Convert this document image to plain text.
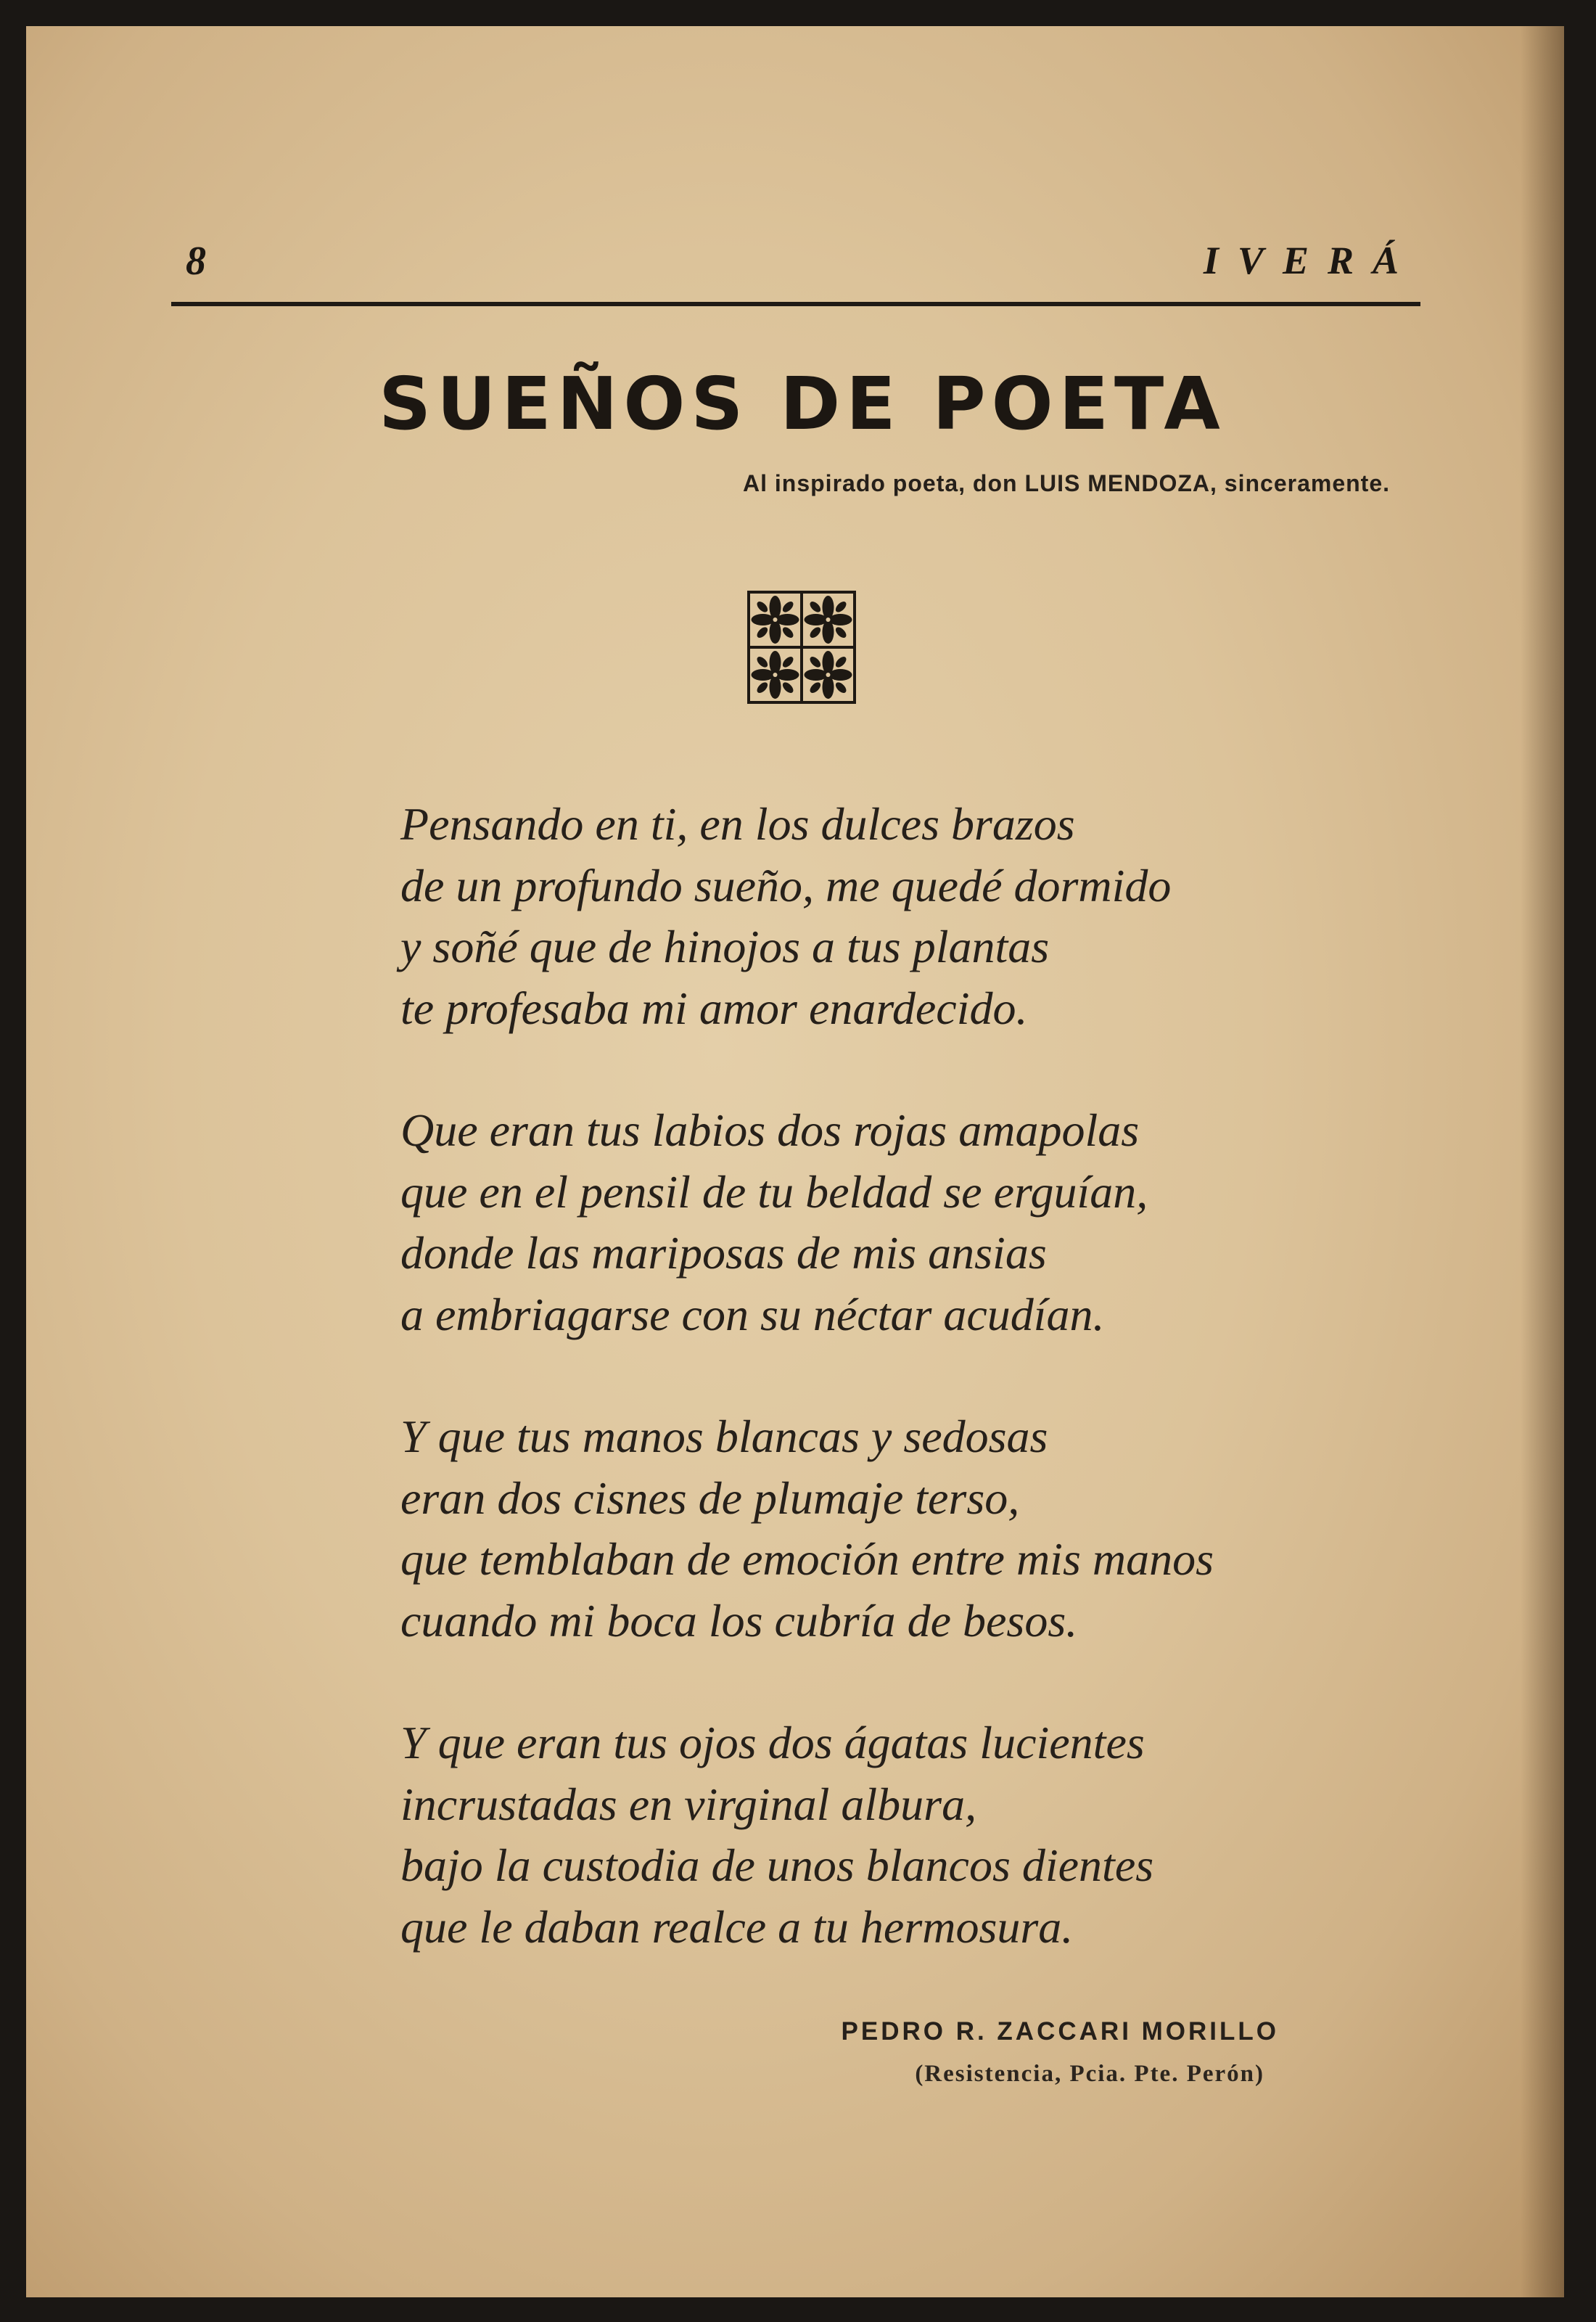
8	IVERÁ
SUEÑOS DE POETA
Al inspirado poeta, don LUIS MENDOZA, sinceramente.
Pensando en ti, en los dulces brazos
de un profundo sueño, me quedé dormido
y soñé que de hinojos a tus plantas
te profesaba mi amor enardecido.
Que eran tus labios dos rojas amapolas
que en el pensil de tu beldad se erguían,
donde las mariposas de mis ansias
a embriagarse con su néctar acudían.
Y que tus manos blancas y sedosas
eran dos cisnes de plumaje terso,
que temblaban de emoción entre mis manos
cuando mi boca los cubría de besos.
Y que eran tus ojos dos ágatas lucientes
incrustadas en virginal albura,
bajo la custodia de unos blancos dientes
que le daban realce a tu hermosura.
PEDRO R. ZACCARI MORILLO
(Resistencia, Pcia. Pte. Perón)
